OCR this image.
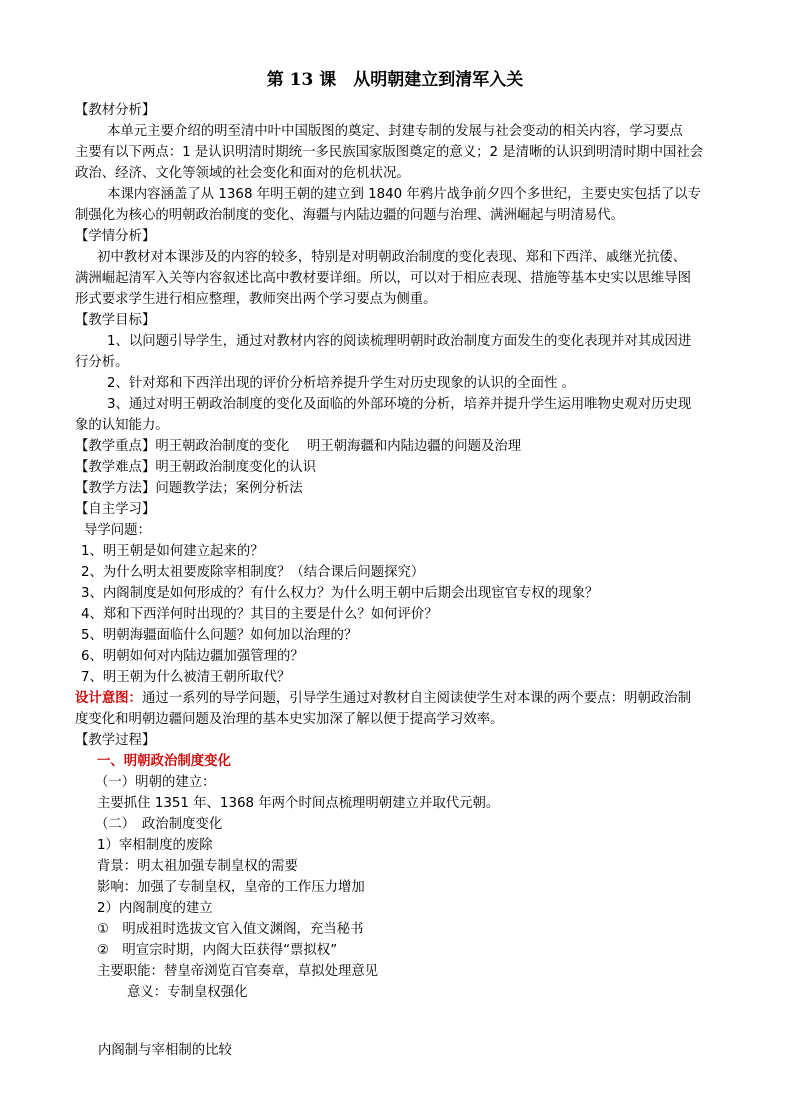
第 13 课　从明朝建立到清军入关
【教材分析】
本单元主要介绍的明至清中叶中国版图的奠定、封建专制的发展与社会变动的相关内容，学习要点
主要有以下两点：1 是认识明清时期统一多民族国家版图奠定的意义；2 是清晰的认识到明清时期中国社会
政治、经济、文化等领域的社会变化和面对的危机状况。
本课内容涵盖了从 1368 年明王朝的建立到 1840 年鸦片战争前夕四个多世纪，主要史实包括了以专
制强化为核心的明朝政治制度的变化、海疆与内陆边疆的问题与治理、满洲崛起与明清易代。
【学情分析】
初中教材对本课涉及的内容的较多，特别是对明朝政治制度的变化表现、郑和下西洋、戚继光抗倭、
满洲崛起清军入关等内容叙述比高中教材要详细。所以，可以对于相应表现、措施等基本史实以思维导图
形式要求学生进行相应整理，教师突出两个学习要点为侧重。
【教学目标】
1、以问题引导学生，通过对教材内容的阅读梳理明朝时政治制度方面发生的变化表现并对其成因进
行分析。
2、针对郑和下西洋出现的评价分析培养提升学生对历史现象的认识的全面性 。
3、通过对明王朝政治制度的变化及面临的外部环境的分析，培养并提升学生运用唯物史观对历史现
象的认知能力。
【教学重点】明王朝政治制度的变化　 明王朝海疆和内陆边疆的问题及治理
【教学难点】明王朝政治制度变化的认识
【教学方法】问题教学法；案例分析法
【自主学习】
导学问题：
1、明王朝是如何建立起来的？
2、为什么明太祖要废除宰相制度？（结合课后问题探究）
3、内阁制度是如何形成的？有什么权力？为什么明王朝中后期会出现宦官专权的现象？
4、郑和下西洋何时出现的？其目的主要是什么？如何评价？
5、明朝海疆面临什么问题？如何加以治理的？
6、明朝如何对内陆边疆加强管理的？
7、明王朝为什么被清王朝所取代？
设计意图：通过一系列的导学问题，引导学生通过对教材自主阅读使学生对本课的两个要点：明朝政治制
度变化和明朝边疆问题及治理的基本史实加深了解以便于提高学习效率。
【教学过程】
一、明朝政治制度变化
（一）明朝的建立：
主要抓住 1351 年、1368 年两个时间点梳理明朝建立并取代元朝。
（二）　政治制度变化
1）宰相制度的废除
背景：明太祖加强专制皇权的需要
影响：加强了专制皇权，皇帝的工作压力增加
2）内阁制度的建立
①　明成祖时选拔文官入值文渊阁，充当秘书
②　明宣宗时期，内阁大臣获得“票拟权”
主要职能：替皇帝浏览百官奏章，草拟处理意见
意义：专制皇权强化
内阁制与宰相制的比较
